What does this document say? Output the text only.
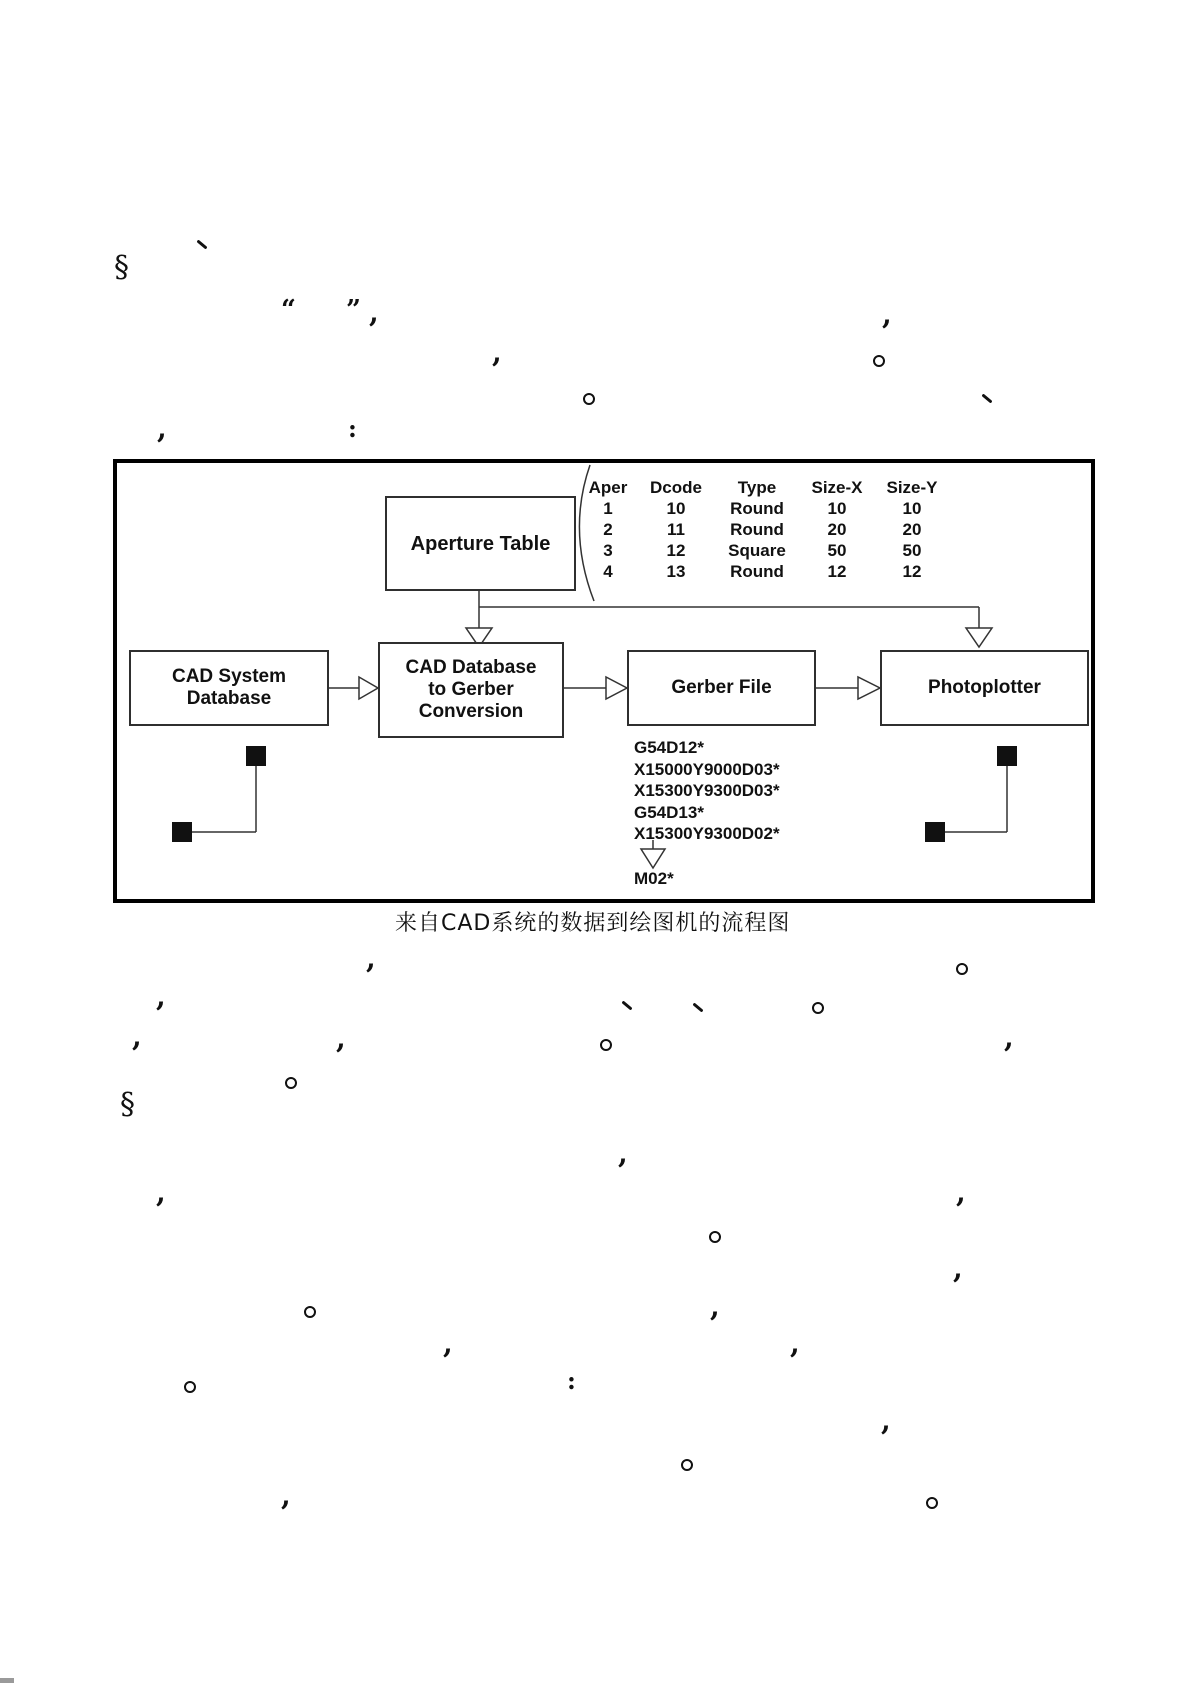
§
“ ” ,	,
,
,	:
,
,
,	,	,
§
,
,	,
,
,
,	,
:
,
,
Aperture Table
Aper	Dcode	Type	Size-X	Size-Y
1	10	Round	10	10
2	11	Round	20	20
3	12	Square	50	50
4	13	Round	12	12
CAD System
Database
CAD Database
to Gerber
Conversion
Gerber File	Photoplotter
G54D12*
X15000Y9000D03*
X15300Y9300D03*
G54D13*
X15300Y9300D02*
M02*
来自CAD系统的数据到绘图机的流程图
